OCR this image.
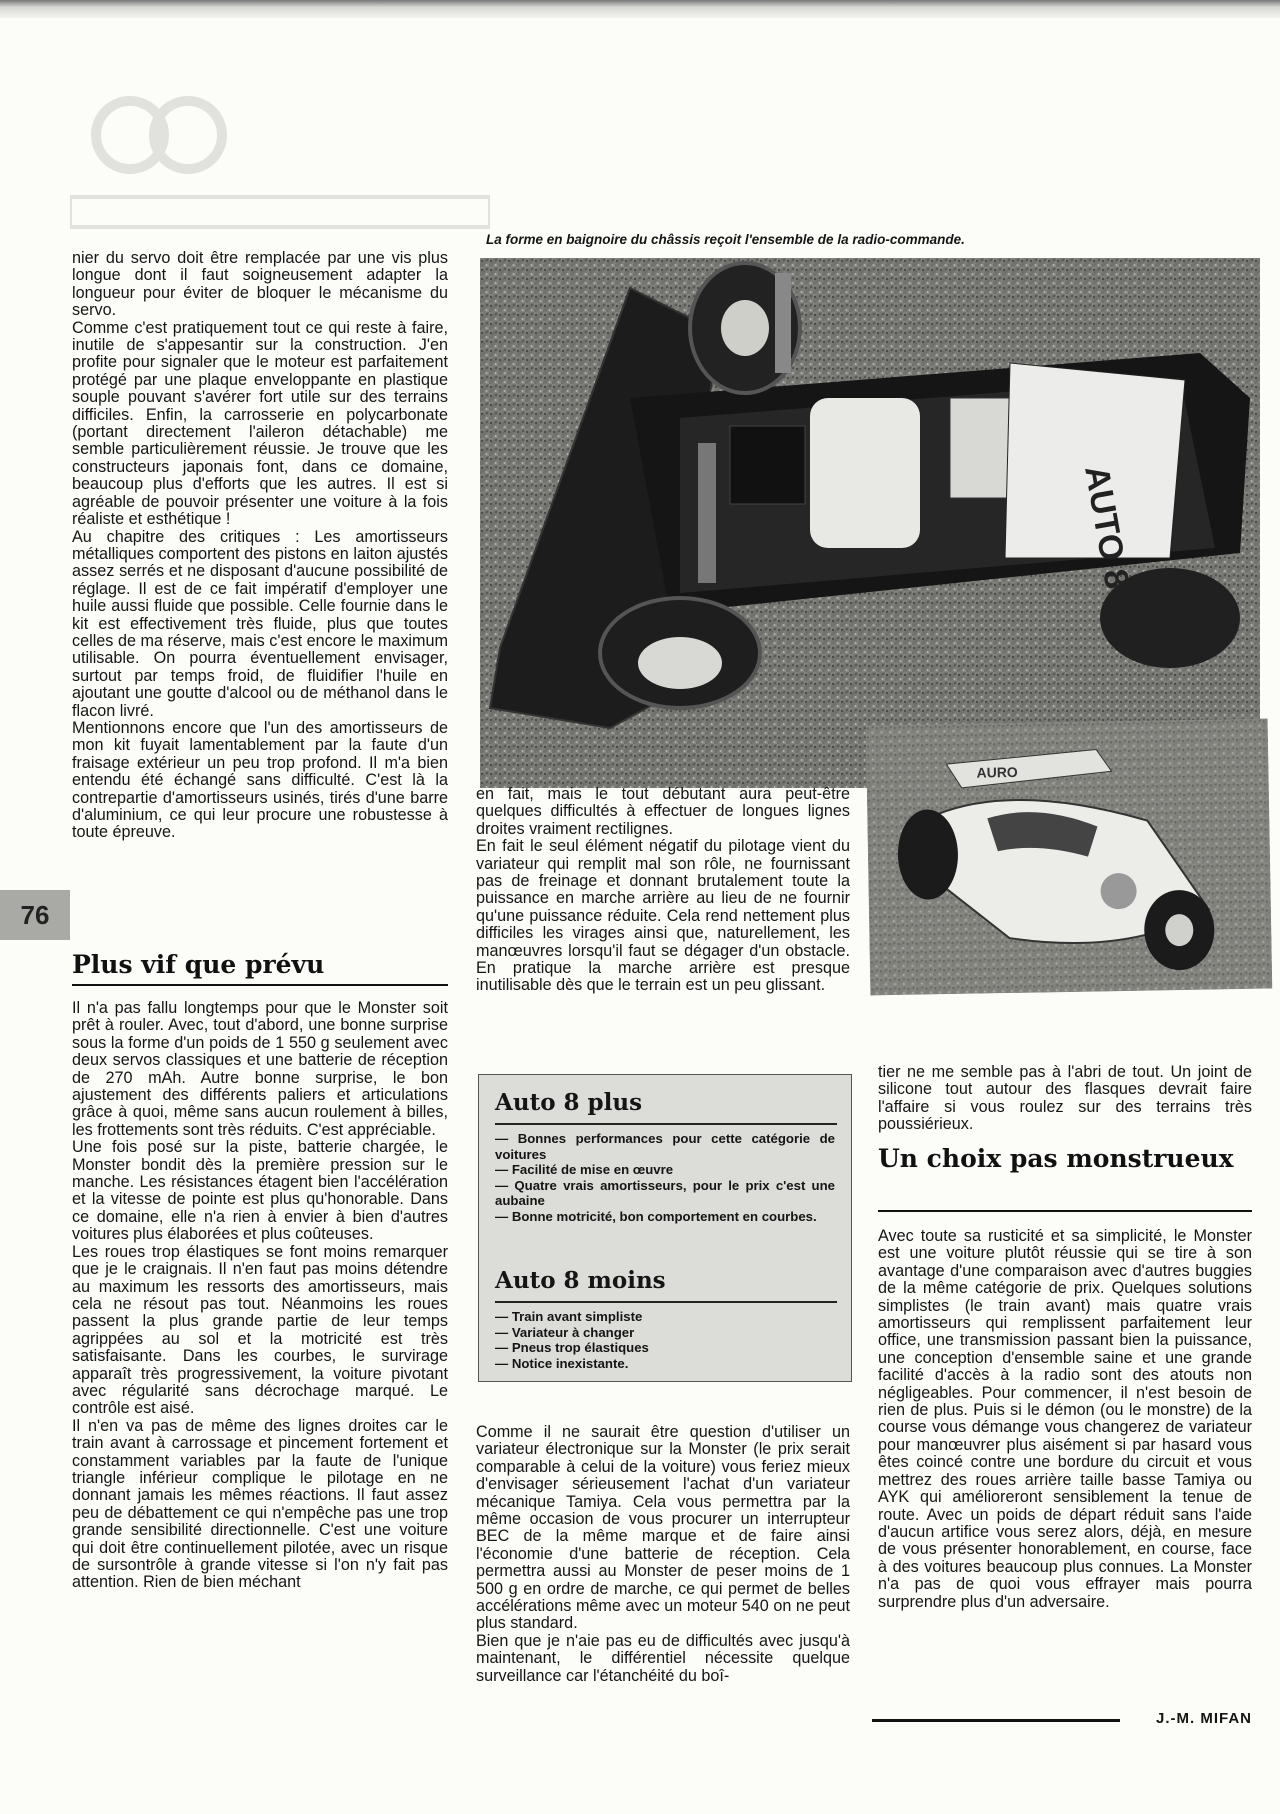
76

nier du servo doit être remplacée par une vis plus longue dont il faut soigneusement adapter la longueur pour éviter de bloquer le mécanisme du servo.

Comme c'est pratiquement tout ce qui reste à faire, inutile de s'appesantir sur la construction. J'en profite pour signaler que le moteur est parfaitement protégé par une plaque enveloppante en plastique souple pouvant s'avérer fort utile sur des terrains difficiles. Enfin, la carrosserie en polycarbonate (portant directement l'aileron détachable) me semble particulièrement réussie. Je trouve que les constructeurs japonais font, dans ce domaine, beaucoup plus d'efforts que les autres. Il est si agréable de pouvoir présenter une voiture à la fois réaliste et esthétique !

Au chapitre des critiques : Les amortisseurs métalliques comportent des pistons en laiton ajustés assez serrés et ne disposant d'aucune possibilité de réglage. Il est de ce fait impératif d'employer une huile aussi fluide que possible. Celle fournie dans le kit est effectivement très fluide, plus que toutes celles de ma réserve, mais c'est encore le maximum utilisable. On pourra éventuellement envisager, surtout par temps froid, de fluidifier l'huile en ajoutant une goutte d'alcool ou de méthanol dans le flacon livré.

Mentionnons encore que l'un des amortisseurs de mon kit fuyait lamentablement par la faute d'un fraisage extérieur un peu trop profond. Il m'a bien entendu été échangé sans difficulté. C'est là la contrepartie d'amortisseurs usinés, tirés d'une barre d'aluminium, ce qui leur procure une robustesse à toute épreuve.

Plus vif que prévu

Il n'a pas fallu longtemps pour que le Monster soit prêt à rouler. Avec, tout d'abord, une bonne surprise sous la forme d'un poids de 1 550 g seulement avec deux servos classiques et une batterie de réception de 270 mAh. Autre bonne surprise, le bon ajustement des différents paliers et articulations grâce à quoi, même sans aucun roulement à billes, les frottements sont très réduits. C'est appréciable.

Une fois posé sur la piste, batterie chargée, le Monster bondit dès la première pression sur le manche. Les résistances étagent bien l'accélération et la vitesse de pointe est plus qu'honorable. Dans ce domaine, elle n'a rien à envier à bien d'autres voitures plus élaborées et plus coûteuses.

Les roues trop élastiques se font moins remarquer que je le craignais. Il n'en faut pas moins détendre au maximum les ressorts des amortisseurs, mais cela ne résout pas tout. Néanmoins les roues passent la plus grande partie de leur temps agrippées au sol et la motricité est très satisfaisante. Dans les courbes, le survirage apparaît très progressivement, la voiture pivotant avec régularité sans décrochage marqué. Le contrôle est aisé.

Il n'en va pas de même des lignes droites car le train avant à carrossage et pincement fortement et constamment variables par la faute de l'unique triangle inférieur complique le pilotage en ne donnant jamais les mêmes réactions. Il faut assez peu de débattement ce qui n'empêche pas une trop grande sensibilité directionnelle. C'est une voiture qui doit être continuellement pilotée, avec un risque de sursontrôle à grande vitesse si l'on n'y fait pas attention. Rien de bien méchant

La forme en baignoire du châssis reçoit l'ensemble de la radio-commande.
AUTO 8
AURO

en fait, mais le tout débutant aura peut-être quelques difficultés à effectuer de longues lignes droites vraiment rectilignes.

En fait le seul élément négatif du pilotage vient du variateur qui remplit mal son rôle, ne fournissant pas de freinage et donnant brutalement toute la puissance en marche arrière au lieu de ne fournir qu'une puissance réduite. Cela rend nettement plus difficiles les virages ainsi que, naturellement, les manœuvres lorsqu'il faut se dégager d'un obstacle. En pratique la marche arrière est presque inutilisable dès que le terrain est un peu glissant.

Auto 8 plus
— Bonnes performances pour cette catégorie de voitures
— Facilité de mise en œuvre
— Quatre vrais amortisseurs, pour le prix c'est une aubaine
— Bonne motricité, bon comportement en courbes.
Auto 8 moins
— Train avant simpliste
— Variateur à changer
— Pneus trop élastiques
— Notice inexistante.

Comme il ne saurait être question d'utiliser un variateur électronique sur la Monster (le prix serait comparable à celui de la voiture) vous feriez mieux d'envisager sérieusement l'achat d'un variateur mécanique Tamiya. Cela vous permettra par la même occasion de vous procurer un interrupteur BEC de la même marque et de faire ainsi l'économie d'une batterie de réception. Cela permettra aussi au Monster de peser moins de 1 500 g en ordre de marche, ce qui permet de belles accélérations même avec un moteur 540 on ne peut plus standard.

Bien que je n'aie pas eu de difficultés avec jusqu'à maintenant, le différentiel nécessite quelque surveillance car l'étanchéité du boî-

tier ne me semble pas à l'abri de tout. Un joint de silicone tout autour des flasques devrait faire l'affaire si vous roulez sur des terrains très poussiérieux.

Un choix pas monstrueux

Avec toute sa rusticité et sa simplicité, le Monster est une voiture plutôt réussie qui se tire à son avantage d'une comparaison avec d'autres buggies de la même catégorie de prix. Quelques solutions simplistes (le train avant) mais quatre vrais amortisseurs qui remplissent parfaitement leur office, une transmission passant bien la puissance, une conception d'ensemble saine et une grande facilité d'accès à la radio sont des atouts non négligeables. Pour commencer, il n'est besoin de rien de plus. Puis si le démon (ou le monstre) de la course vous démange vous changerez de variateur pour manœuvrer plus aisément si par hasard vous êtes coincé contre une bordure du circuit et vous mettrez des roues arrière taille basse Tamiya ou AYK qui amélioreront sensiblement la tenue de route. Avec un poids de départ réduit sans l'aide d'aucun artifice vous serez alors, déjà, en mesure de vous présenter honorablement, en course, face à des voitures beaucoup plus connues. La Monster n'a pas de quoi vous effrayer mais pourra surprendre plus d'un adversaire.

J.-M. MIFAN
